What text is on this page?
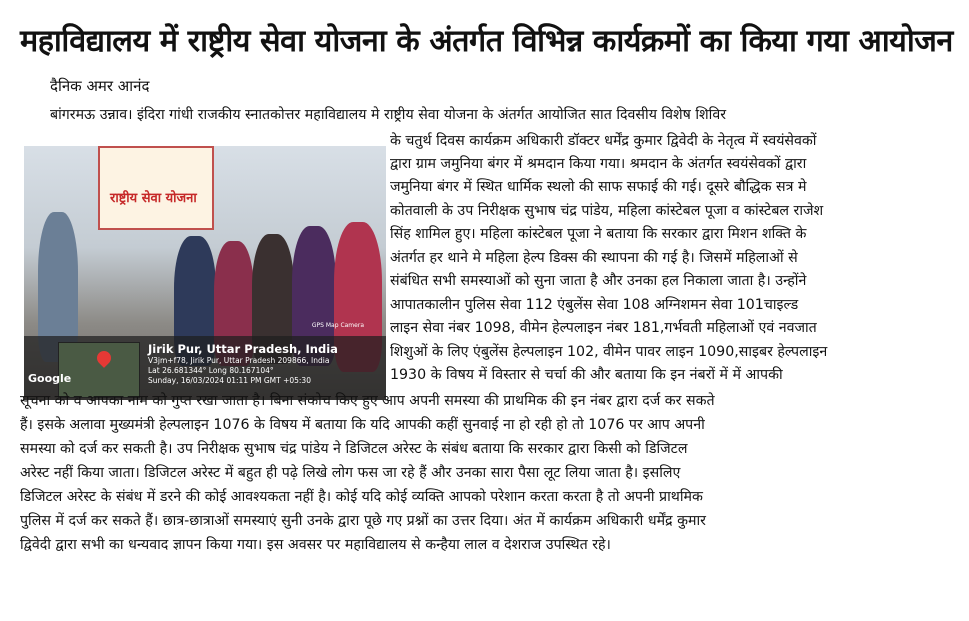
महाविद्यालय में राष्ट्रीय सेवा योजना के अंतर्गत विभिन्न कार्यक्रमों का किया गया आयोजन
दैनिक अमर आनंद
राष्ट्रीय सेवा योजना
GPS Map Camera
Google
Jirik Pur, Uttar Pradesh, India
V3jm+f78, Jirik Pur, Uttar Pradesh 209866, India
Lat 26.681344° Long 80.167104°
Sunday, 16/03/2024 01:11 PM GMT +05:30
बांगरमऊ उन्नाव। इंदिरा गांधी राजकीय स्नातकोत्तर महाविद्यालय मे राष्ट्रीय सेवा योजना के अंतर्गत आयोजित सात दिवसीय विशेष शिविर
के चतुर्थ दिवस कार्यक्रम अधिकारी डॉक्टर धर्मेंद्र कुमार द्विवेदी के नेतृत्व में स्वयंसेवकों
द्वारा ग्राम जमुनिया बंगर में श्रमदान किया गया। श्रमदान के अंतर्गत स्वयंसेवकों द्वारा
जमुनिया बंगर में स्थित धार्मिक स्थलो की साफ सफाई की गई। दूसरे बौद्धिक सत्र मे
कोतवाली के उप निरीक्षक सुभाष चंद्र पांडेय, महिला कांस्टेबल पूजा व कांस्टेबल राजेश
सिंह शामिल हुए। महिला कांस्टेबल पूजा ने बताया कि सरकार द्वारा मिशन शक्ति के
अंतर्गत हर थाने मे महिला हेल्प डिक्स की स्थापना की गई है। जिसमें महिलाओं से
संबंधित सभी समस्याओं को सुना जाता है और उनका हल निकाला जाता है। उन्होंने
आपातकालीन पुलिस सेवा 112 एंबुलेंस सेवा 108 अग्निशमन सेवा 101चाइल्ड
लाइन सेवा नंबर 1098, वीमेन हेल्पलाइन नंबर 181,गर्भवती महिलाओं एवं नवजात
शिशुओं के लिए एंबुलेंस हेल्पलाइन 102, वीमेन पावर लाइन 1090,साइबर हेल्पलाइन
1930 के विषय में विस्तार से चर्चा की और बताया कि इन नंबरों में में आपकी
सूचना को व आपका नाम को गुप्त रखा जाता है। बिना संकोच किए हुए आप अपनी समस्या की प्राथमिक की इन नंबर द्वारा दर्ज कर सकते
हैं। इसके अलावा मुख्यमंत्री हेल्पलाइन 1076 के विषय में बताया कि यदि आपकी कहीं सुनवाई ना हो रही हो तो 1076 पर आप अपनी
समस्या को दर्ज कर सकती है। उप निरीक्षक सुभाष चंद्र पांडेय ने डिजिटल अरेस्ट के संबंध बताया कि सरकार द्वारा किसी को डिजिटल
अरेस्ट नहीं किया जाता। डिजिटल अरेस्ट में बहुत ही पढ़े लिखे लोग फस जा रहे हैं और उनका सारा पैसा लूट लिया जाता है। इसलिए
डिजिटल अरेस्ट के संबंध में डरने की कोई आवश्यकता नहीं है। कोई यदि कोई व्यक्ति आपको परेशान करता करता है तो अपनी प्राथमिक
पुलिस में दर्ज कर सकते हैं। छात्र-छात्राओं समस्याएं सुनी उनके द्वारा पूछे गए प्रश्नों का उत्तर दिया। अंत में कार्यक्रम अधिकारी धर्मेंद्र कुमार
द्विवेदी द्वारा सभी का धन्यवाद ज्ञापन किया गया। इस अवसर पर महाविद्यालय से कन्हैया लाल व देशराज उपस्थित रहे।
